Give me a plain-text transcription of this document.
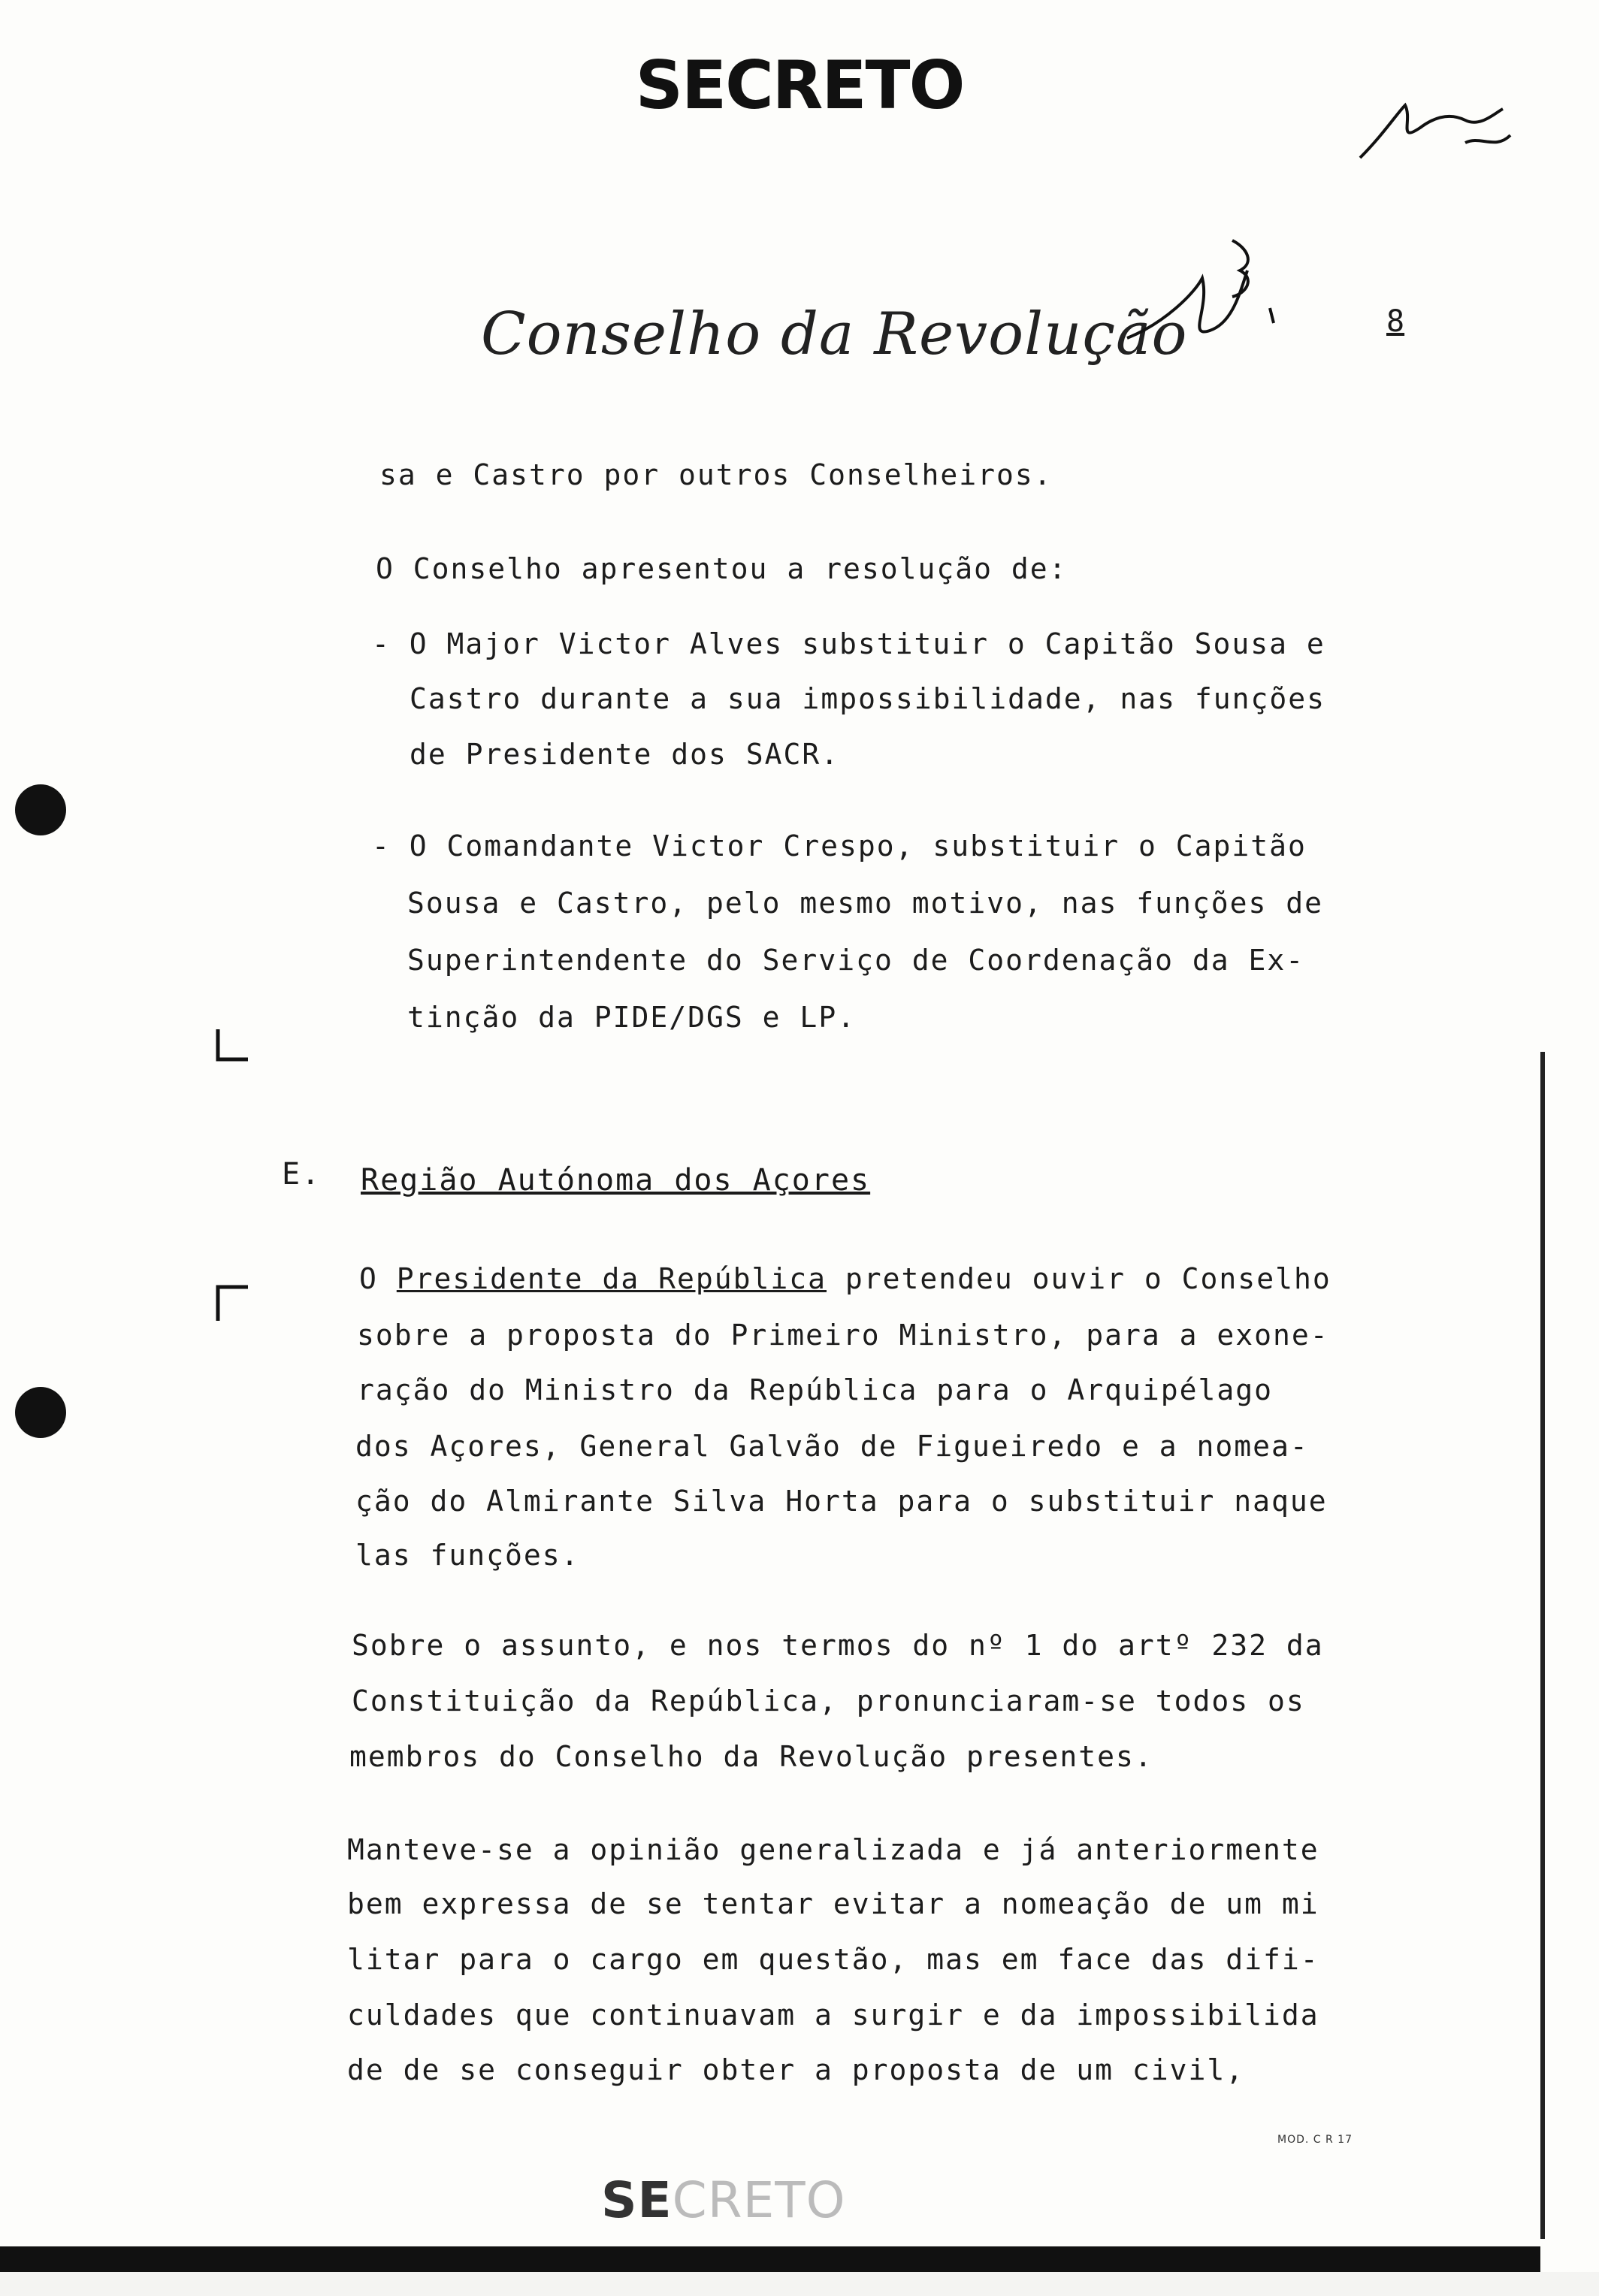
SECRETO
Conselho da Revolução	8
sa e Castro por outros Conselheiros.
O Conselho apresentou a resolução de:
- O Major Victor Alves substituir o Capitão Sousa e
Castro durante a sua impossibilidade, nas funções
de Presidente dos SACR.
- O Comandante Victor Crespo, substituir o Capitão
Sousa e Castro, pelo mesmo motivo, nas funções de
Superintendente do Serviço de Coordenação da Ex-
tinção da PIDE/DGS e LP.
E. Região Autónoma dos Açores
O Presidente da República pretendeu ouvir o Conselho
sobre a proposta do Primeiro Ministro, para a exone-
ração do Ministro da República para o Arquipélago
dos Açores, General Galvão de Figueiredo e a nomea-
ção do Almirante Silva Horta para o substituir naque
las funções.
Sobre o assunto, e nos termos do nº 1 do artº 232 da
Constituição da República, pronunciaram-se todos os
membros do Conselho da Revolução presentes.
Manteve-se a opinião generalizada e já anteriormente
bem expressa de se tentar evitar a nomeação de um mi
litar para o cargo em questão, mas em face das difi-
culdades que continuavam a surgir e da impossibilida
de de se conseguir obter a proposta de um civil,
MOD. C R 17
SECRETO
